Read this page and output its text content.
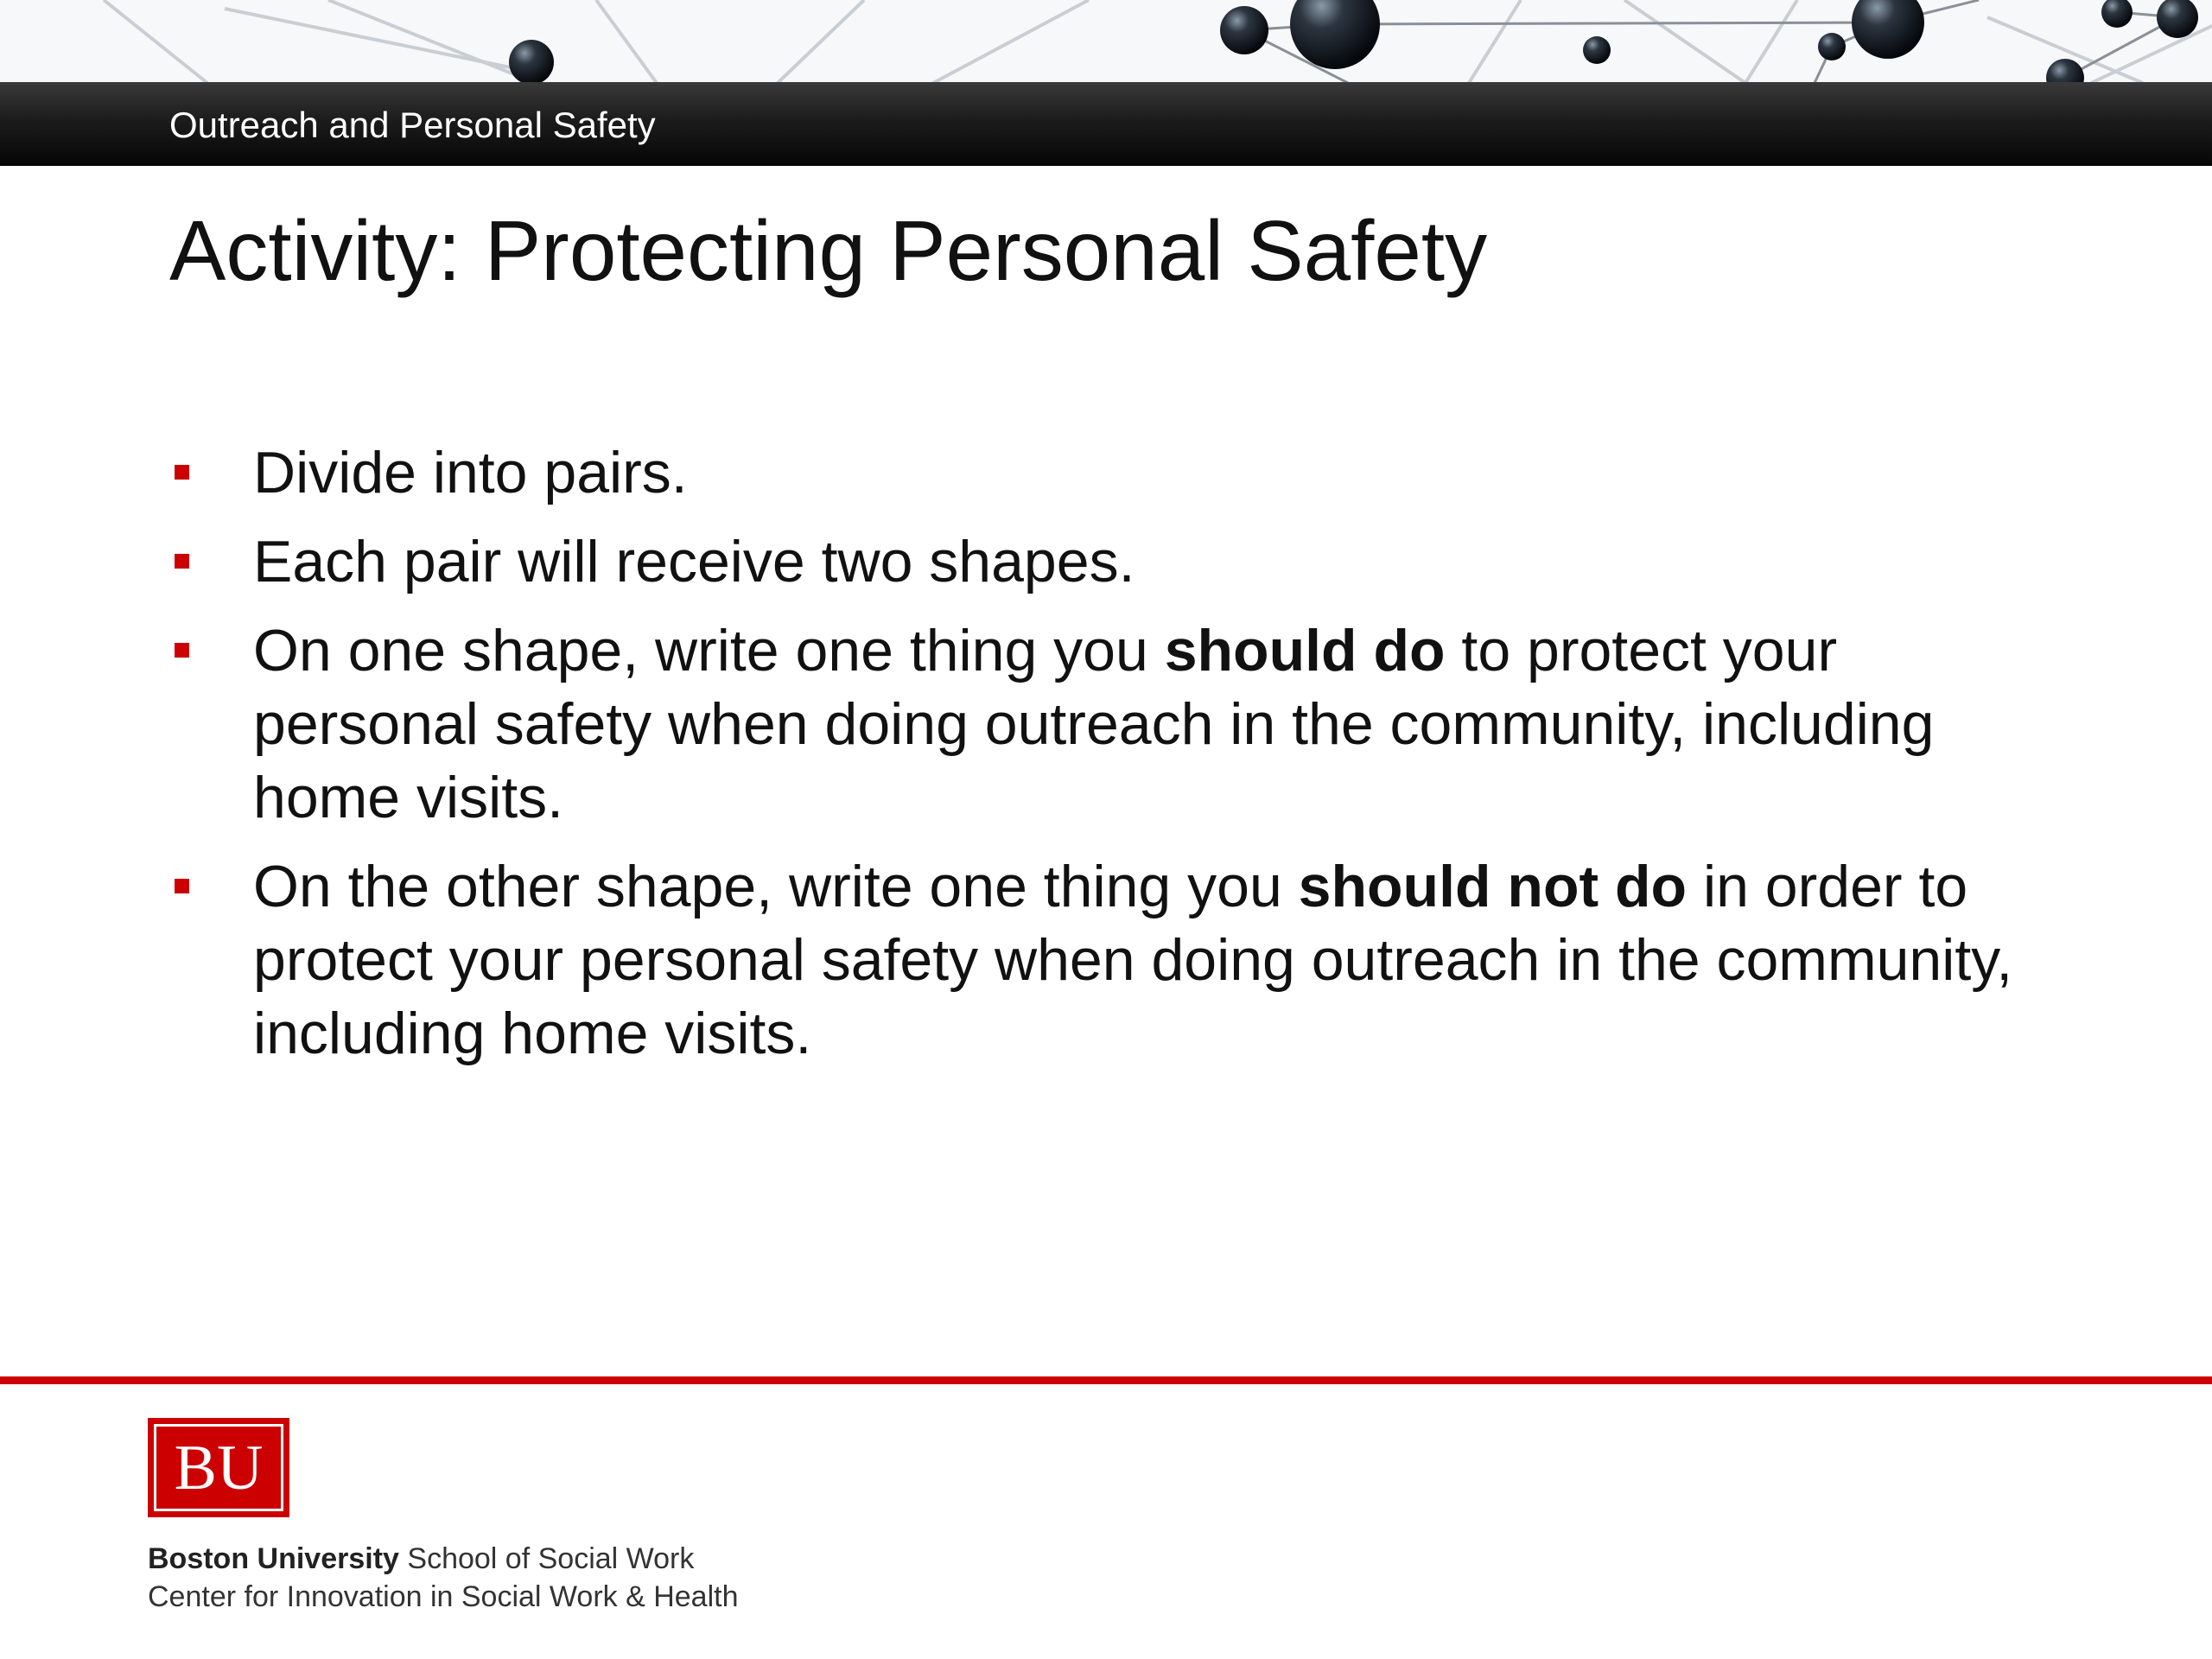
Outreach and Personal Safety
Activity: Protecting Personal Safety
Divide into pairs.
Each pair will receive two shapes.
On one shape, write one thing you should do to protect your personal safety when doing outreach in the community, including home visits.
On the other shape, write one thing you should not do in order to protect your personal safety when doing outreach in the community, including home visits.
BU
Boston University School of Social Work
Center for Innovation in Social Work & Health
